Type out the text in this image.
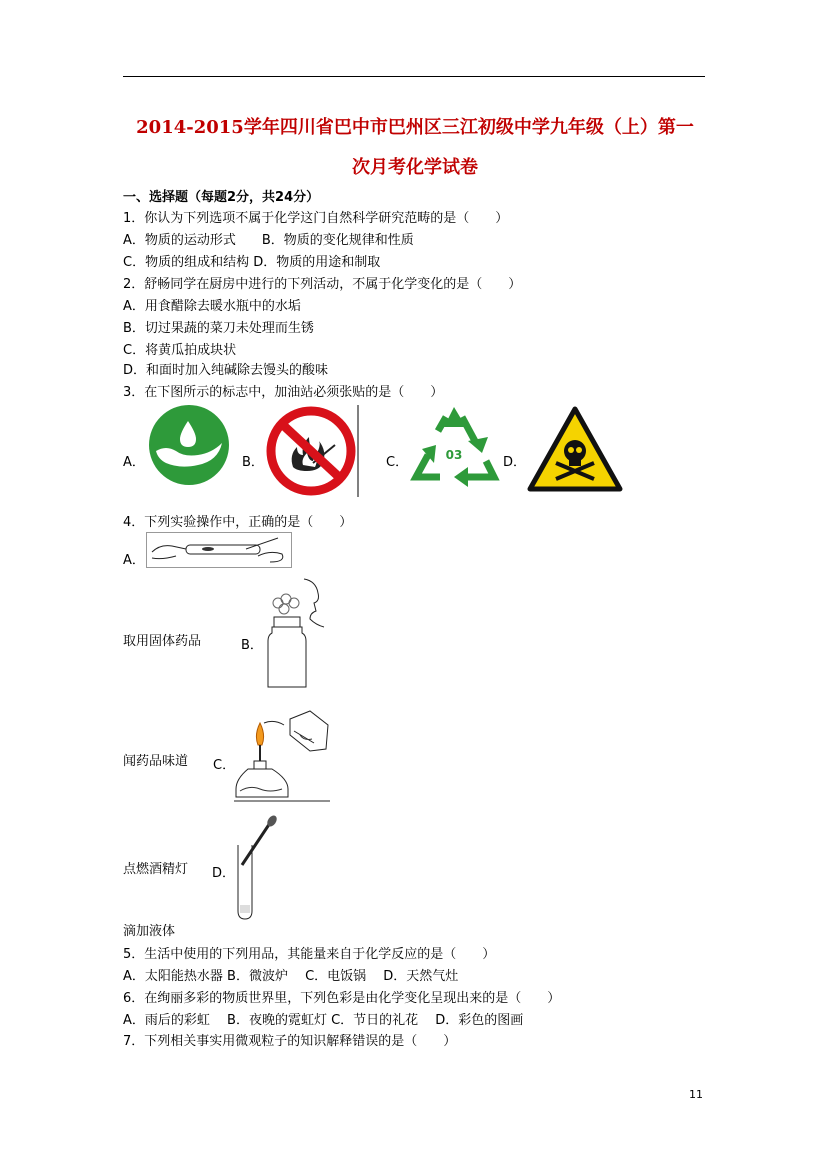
2014-2015学年四川省巴中市巴州区三江初级中学九年级（上）第一
次月考化学试卷
一、选择题（每题2分，共24分）
1．你认为下列选项不属于化学这门自然科学研究范畴的是（　　）
A．物质的运动形式　　B．物质的变化规律和性质
C．物质的组成和结构 D．物质的用途和制取
2．舒畅同学在厨房中进行的下列活动，不属于化学变化的是（　　）
A．用食醋除去暖水瓶中的水垢
B．切过果蔬的菜刀未处理而生锈
C．将黄瓜拍成块状
D．和面时加入纯碱除去馒头的酸味
3．在下图所示的标志中，加油站必须张贴的是（　　）
A．	B．	C．	03	D．
4．下列实验操作中，正确的是（　　）
A．
取用固体药品	B．
闻药品味道 C．
点燃酒精灯 D．
滴加液体
5．生活中使用的下列用品，其能量来自于化学反应的是（　　）
A．太阳能热水器 B．微波炉　 C．电饭锅　 D．天然气灶
6．在绚丽多彩的物质世界里，下列色彩是由化学变化呈现出来的是（　　）
A．雨后的彩虹　 B．夜晚的霓虹灯 C．节日的礼花　 D．彩色的图画
7．下列相关事实用微观粒子的知识解释错误的是（　　）
11
